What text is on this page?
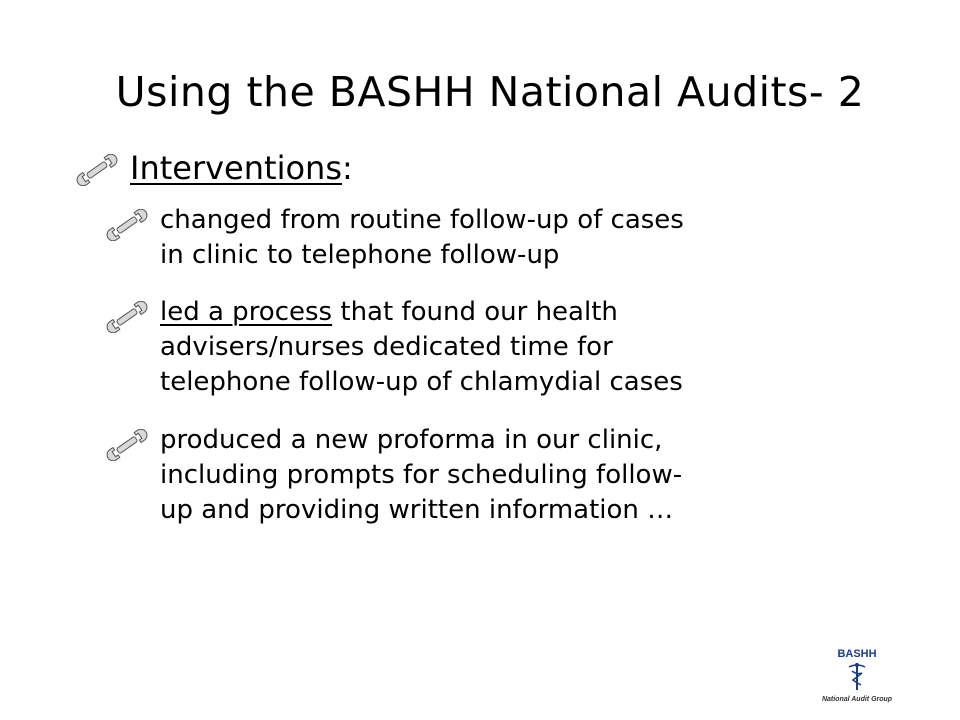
Using the BASHH National Audits- 2
Interventions:
changed from routine follow-up of cases
in clinic to telephone follow-up
led a process that found our health
advisers/nurses dedicated time for
telephone follow-up of chlamydial cases
produced a new proforma in our clinic,
including prompts for scheduling follow-
up and providing written information …
BASHH
National Audit Group
